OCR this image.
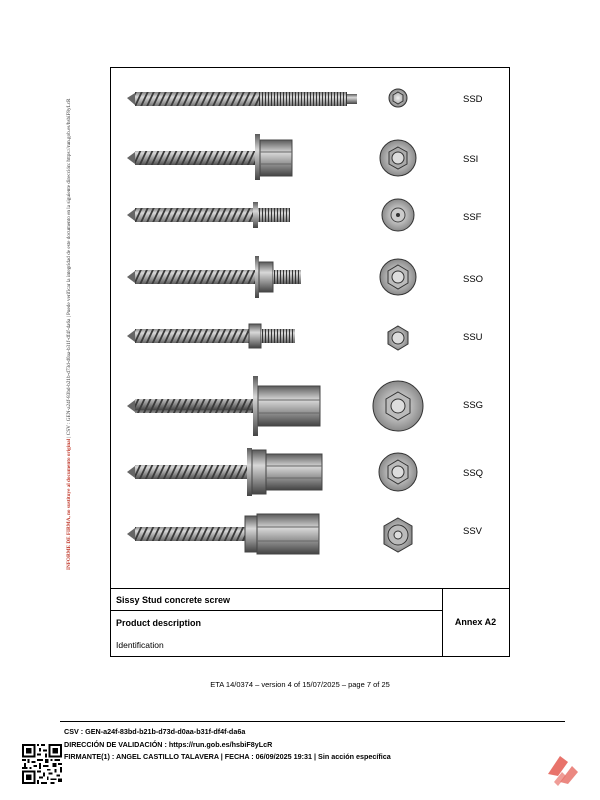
INFORME DE FIRMA, no sustituye al documento original | CSV : GEN-a24f-83bd-b21b-d73d-d0aa-b31f-df4f-da6a | Puede verificar la integridad de este documento en la siguiente dirección: https://run.gob.es/hsbiF8yLcR	SSD
SSI
SSF
SSO
SSU
SSG
SSQ
SSV
Sissy Stud concrete screw
Product description
Identification
Annex A2
ETA 14/0374 – version 4 of 15/07/2025 – page 7 of 25
CSV : GEN-a24f-83bd-b21b-d73d-d0aa-b31f-df4f-da6a
DIRECCIÓN DE VALIDACIÓN : https://run.gob.es/hsbiF8yLcR
FIRMANTE(1) : ANGEL CASTILLO TALAVERA | FECHA : 06/09/2025 19:31 | Sin acción específica
